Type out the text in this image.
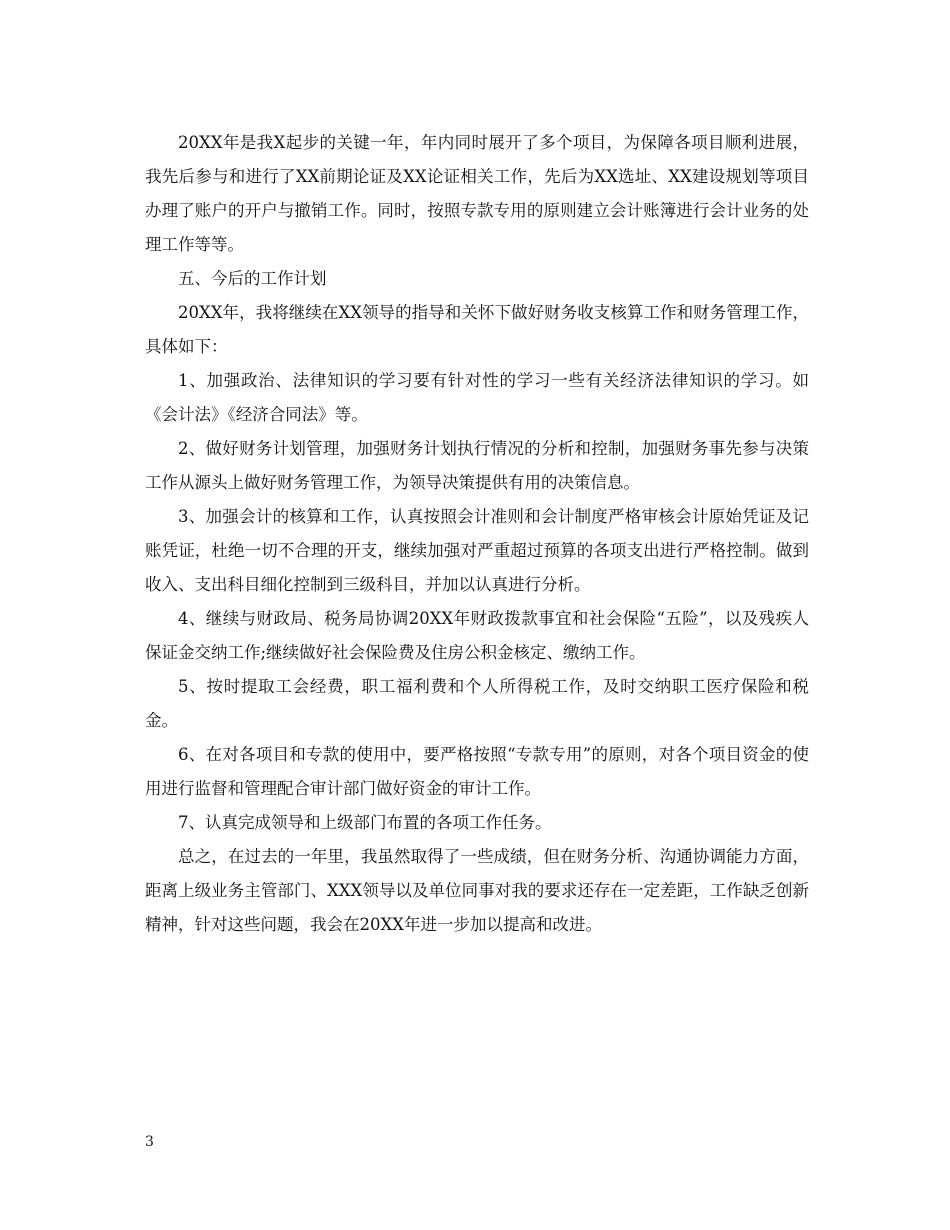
20XX年是我X起步的关键一年，年内同时展开了多个项目，为保障各项目顺利进展，我先后参与和进行了XX前期论证及XX论证相关工作，先后为XX选址、XX建设规划等项目办理了账户的开户与撤销工作。同时，按照专款专用的原则建立会计账簿进行会计业务的处理工作等等。

五、今后的工作计划

20XX年，我将继续在XX领导的指导和关怀下做好财务收支核算工作和财务管理工作，具体如下：

1、加强政治、法律知识的学习要有针对性的学习一些有关经济法律知识的学习。如《会计法》《经济合同法》等。

2、做好财务计划管理，加强财务计划执行情况的分析和控制，加强财务事先参与决策工作从源头上做好财务管理工作，为领导决策提供有用的决策信息。

3、加强会计的核算和工作，认真按照会计准则和会计制度严格审核会计原始凭证及记账凭证，杜绝一切不合理的开支，继续加强对严重超过预算的各项支出进行严格控制。做到收入、支出科目细化控制到三级科目，并加以认真进行分析。

4、继续与财政局、税务局协调20XX年财政拨款事宜和社会保险“五险”，以及残疾人保证金交纳工作;继续做好社会保险费及住房公积金核定、缴纳工作。

5、按时提取工会经费，职工福利费和个人所得税工作，及时交纳职工医疗保险和税金。

6、在对各项目和专款的使用中，要严格按照“专款专用”的原则，对各个项目资金的使用进行监督和管理配合审计部门做好资金的审计工作。

7、认真完成领导和上级部门布置的各项工作任务。

总之，在过去的一年里，我虽然取得了一些成绩，但在财务分析、沟通协调能力方面，距离上级业务主管部门、XXX领导以及单位同事对我的要求还存在一定差距，工作缺乏创新精神，针对这些问题，我会在20XX年进一步加以提高和改进。

3
